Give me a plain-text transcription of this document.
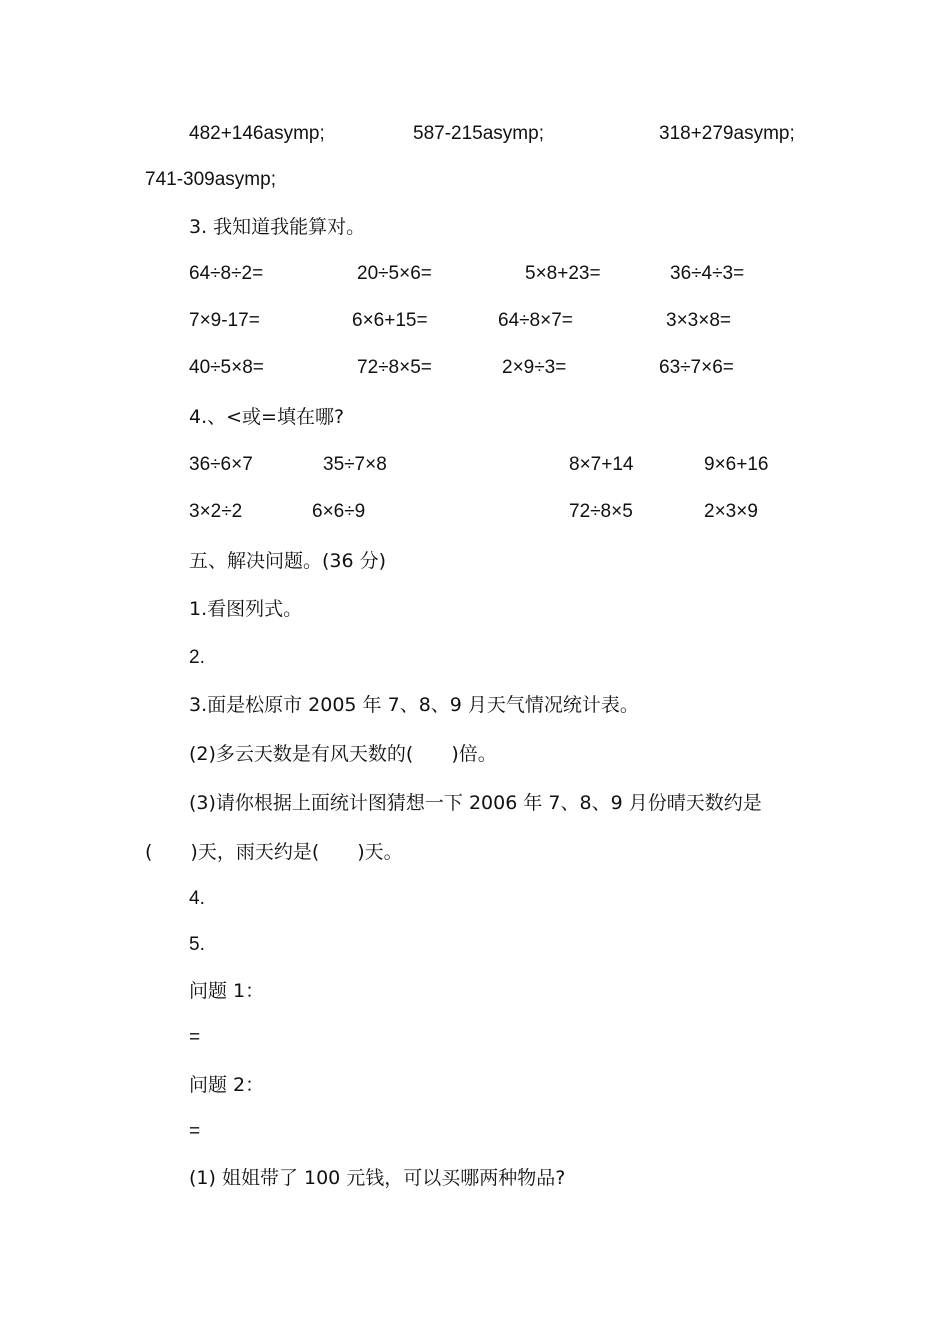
482+146asymp;	587-215asymp;	318+279asymp;
741-309asymp;
3. 我知道我能算对。
64÷8÷2=	20÷5×6=	5×8+23=	36÷4÷3=
7×9-17=	6×6+15=	64÷8×7=	3×3×8=
40÷5×8=	72÷8×5=	2×9÷3=	63÷7×6=
4.、<或=填在哪?
36÷6×7	35÷7×8	8×7+14	9×6+16
3×2÷2	6×6÷9	72÷8×5	2×3×9
五、解决问题。(36 分)
1.看图列式。
2.
3.面是松原市 2005 年 7、8、9 月天气情况统计表。
(2)多云天数是有风天数的(　　)倍。
(3)请你根据上面统计图猜想一下 2006 年 7、8、9 月份晴天数约是
(　　)天，雨天约是(　　)天。
4.
5.
问题 1：
=
问题 2：
=
(1) 姐姐带了 100 元钱，可以买哪两种物品?
